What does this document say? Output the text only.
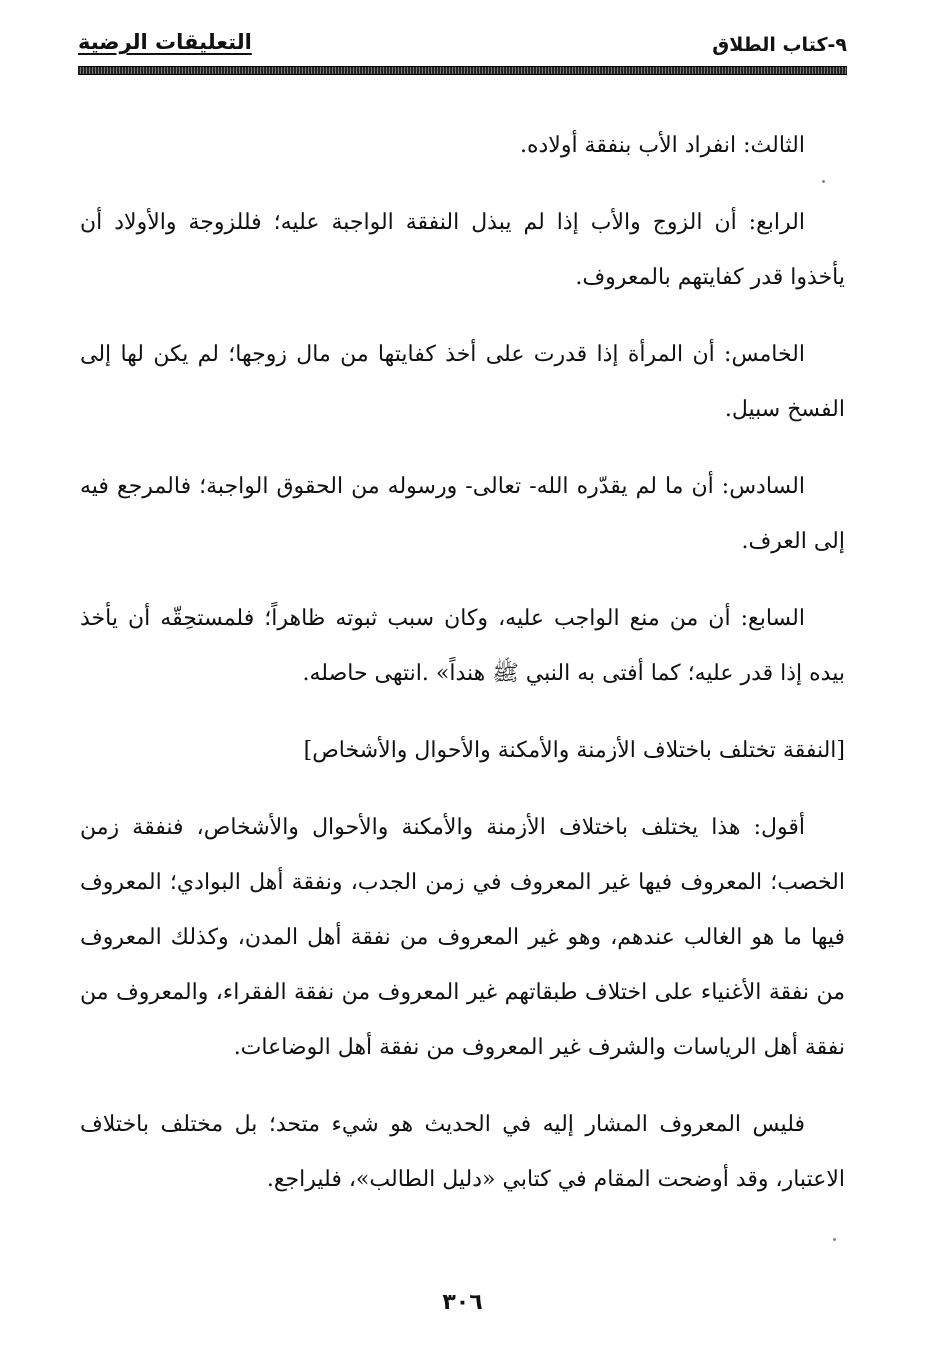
٩-كتاب الطلاق
التعليقات الرضية

الثالث: انفراد الأب بنفقة أولاده.

الرابع: أن الزوج والأب إذا لم يبذل النفقة الواجبة عليه؛ فللزوجة والأولاد أن يأخذوا قدر كفايتهم بالمعروف.

الخامس: أن المرأة إذا قدرت على أخذ كفايتها من مال زوجها؛ لم يكن لها إلى الفسخ سبيل.

السادس: أن ما لم يقدّره الله- تعالى- ورسوله من الحقوق الواجبة؛ فالمرجع فيه إلى العرف.

السابع: أن من منع الواجب عليه، وكان سبب ثبوته ظاهراً؛ فلمستحِقّه أن يأخذ بيده إذا قدر عليه؛ كما أفتى به النبي ﷺ هنداً» .انتهى حاصله.

[النفقة تختلف باختلاف الأزمنة والأمكنة والأحوال والأشخاص]

أقول: هذا يختلف باختلاف الأزمنة والأمكنة والأحوال والأشخاص، فنفقة زمن الخصب؛ المعروف فيها غير المعروف في زمن الجدب، ونفقة أهل البوادي؛ المعروف فيها ما هو الغالب عندهم، وهو غير المعروف من نفقة أهل المدن، وكذلك المعروف من نفقة الأغنياء على اختلاف طبقاتهم غير المعروف من نفقة الفقراء، والمعروف من نفقة أهل الرياسات والشرف غير المعروف من نفقة أهل الوضاعات.

فليس المعروف المشار إليه في الحديث هو شيء متحد؛ بل مختلف باختلاف الاعتبار، وقد أوضحت المقام في كتابي «دليل الطالب»، فليراجع.

٣٠٦
